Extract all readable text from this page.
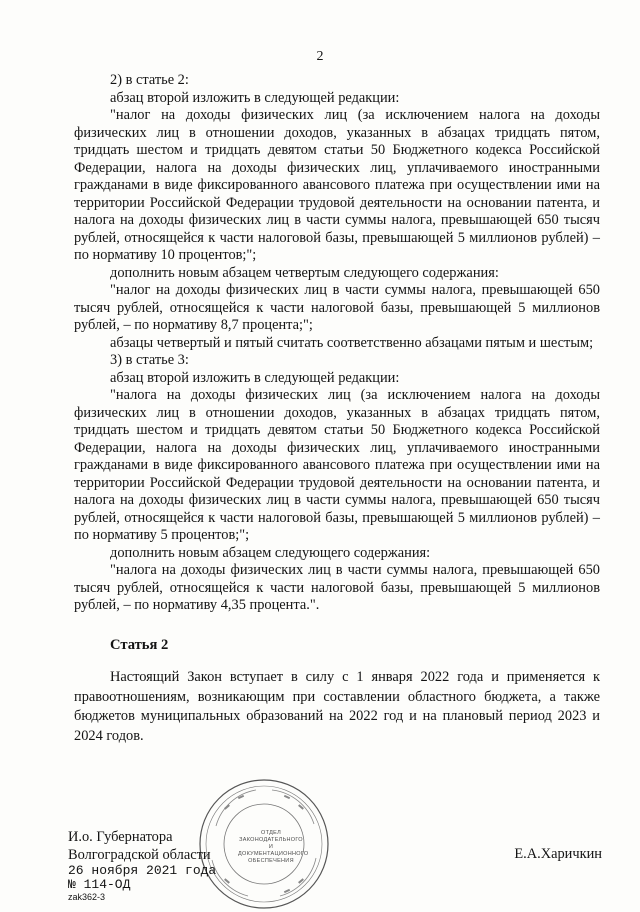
2

2) в статье 2:

абзац второй изложить в следующей редакции:

"налог на доходы физических лиц (за исключением налога на доходы физических лиц в отношении доходов, указанных в абзацах тридцать пятом, тридцать шестом и тридцать девятом статьи 50 Бюджетного кодекса Российской Федерации, налога на доходы физических лиц, уплачиваемого иностранными гражданами в виде фиксированного авансового платежа при осуществлении ими на территории Российской Федерации трудовой деятельности на основании патента, и налога на доходы физических лиц в части суммы налога, превышающей 650 тысяч рублей, относящейся к части налоговой базы, превышающей 5 миллионов рублей) – по нормативу 10 процентов;";

дополнить новым абзацем четвертым следующего содержания:

"налог на доходы физических лиц в части суммы налога, превышающей 650 тысяч рублей, относящейся к части налоговой базы, превышающей 5 миллионов рублей, – по нормативу 8,7 процента;";

абзацы четвертый и пятый считать соответственно абзацами пятым и шестым;

3) в статье 3:

абзац второй изложить в следующей редакции:

"налога на доходы физических лиц (за исключением налога на доходы физических лиц в отношении доходов, указанных в абзацах тридцать пятом, тридцать шестом и тридцать девятом статьи 50 Бюджетного кодекса Российской Федерации, налога на доходы физических лиц, уплачиваемого иностранными гражданами в виде фиксированного авансового платежа при осуществлении ими на территории Российской Федерации трудовой деятельности на основании патента, и налога на доходы физических лиц в части суммы налога, превышающей 650 тысяч рублей, относящейся к части налоговой базы, превышающей 5 миллионов рублей) – по нормативу 5 процентов;";

дополнить новым абзацем следующего содержания:

"налога на доходы физических лиц в части суммы налога, превышающей 650 тысяч рублей, относящейся к части налоговой базы, превышающей 5 миллионов рублей, – по нормативу 4,35 процента.".

Статья 2

Настоящий Закон вступает в силу с 1 января 2022 года и применяется к правоотношениям, возникающим при составлении областного бюджета, а также бюджетов муниципальных образований на 2022 год и на плановый период 2023 и 2024 годов.

ОТДЕЛ
ЗАКОНОДАТЕЛЬНОГО И
ДОКУМЕНТАЦИОННОГО
ОБЕСПЕЧЕНИЯ
И.о. Губернатора
Волгоградской области	Е.А.Харичкин
26 ноября 2021 года
№ 114-ОД
zak362-3
